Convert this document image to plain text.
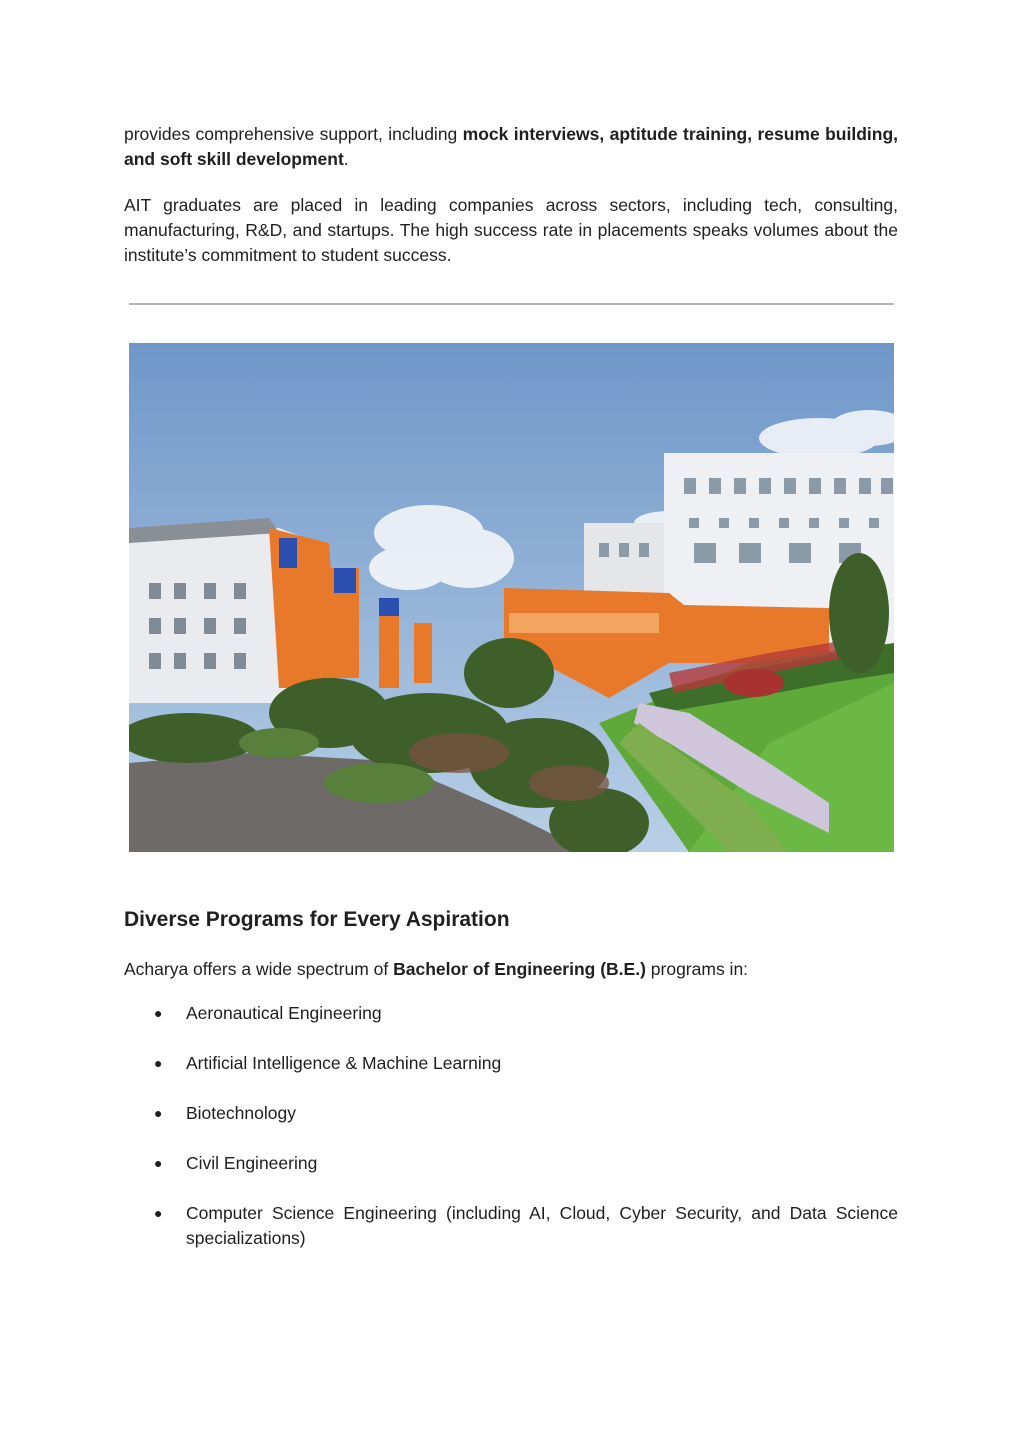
provides comprehensive support, including mock interviews, aptitude training, resume building, and soft skill development.

AIT graduates are placed in leading companies across sectors, including tech, consulting, manufacturing, R&D, and startups. The high success rate in placements speaks volumes about the institute’s commitment to student success.

Diverse Programs for Every Aspiration

Acharya offers a wide spectrum of Bachelor of Engineering (B.E.) programs in:

● Aeronautical Engineering
● Artificial Intelligence & Machine Learning
● Biotechnology
● Civil Engineering
● Computer Science Engineering (including AI, Cloud, Cyber Security, and Data Science specializations)
